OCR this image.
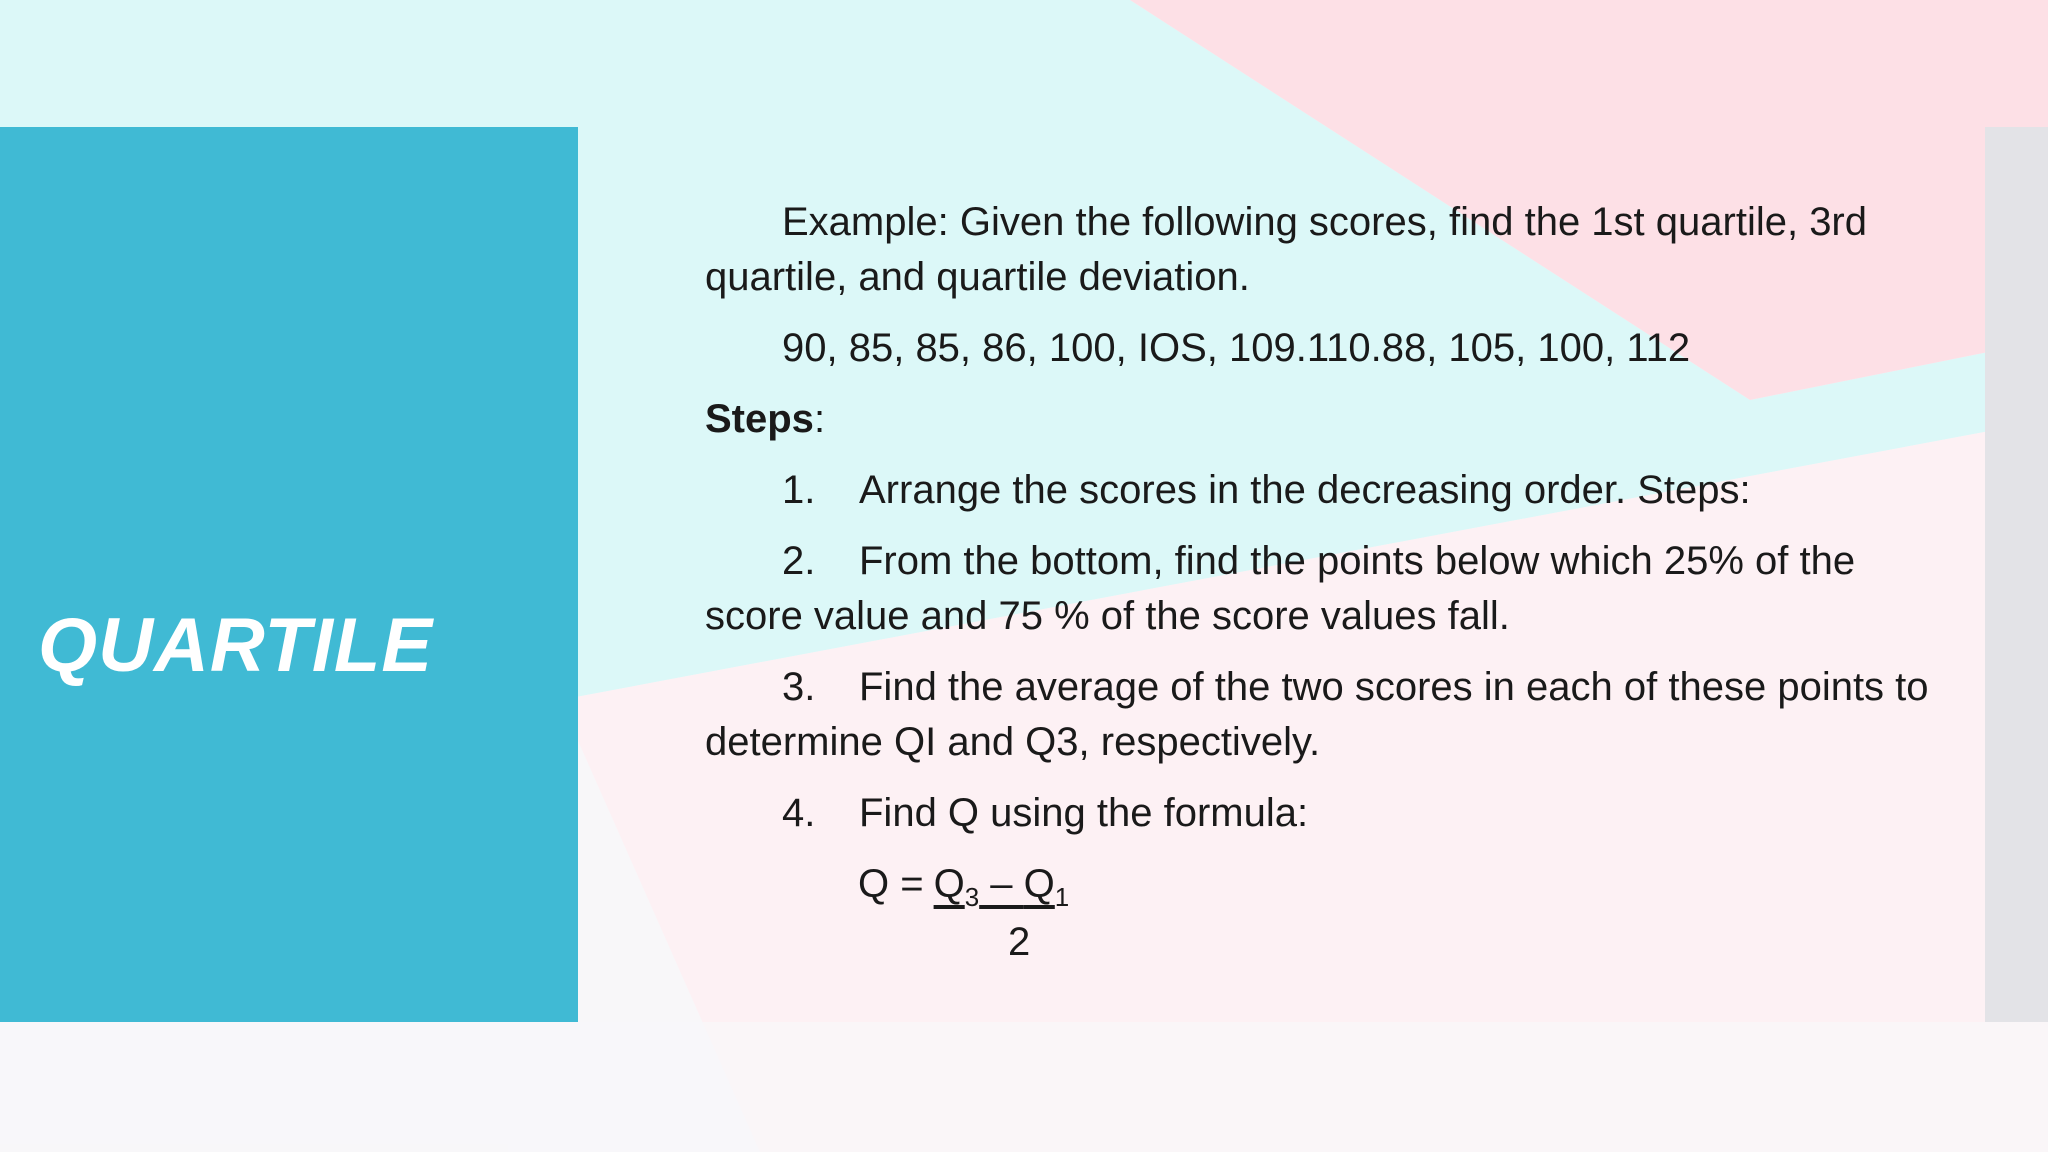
QUARTILE

Example: Given the following scores, find the 1st quartile, 3rd quartile, and quartile deviation.

90, 85, 85, 86, 100, IOS, 109.110.88, 105, 100, 112

Steps:

1. Arrange the scores in the decreasing order. Steps:

2. From the bottom, find the points below which 25% of the score value and 75 % of the score values fall.

3. Find the average of the two scores in each of these points to determine QI and Q3, respectively.

4. Find Q using the formula:

$Q = Q_3 - Q_1$
2
